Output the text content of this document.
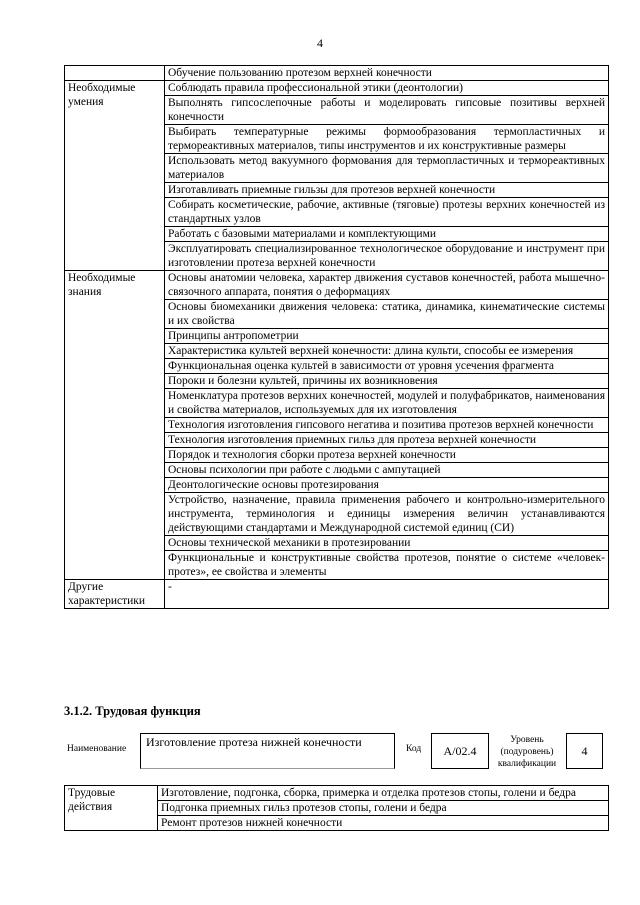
4
	Обучение пользованию протезом верхней конечности
Необходимые умения	Соблюдать правила профессиональной этики (деонтологии)
	Выполнять гипсослепочные работы и моделировать гипсовые позитивы верхней конечности
	Выбирать температурные режимы формообразования термопластичных и термореактивных материалов, типы инструментов и их конструктивные размеры
	Использовать метод вакуумного формования для термопластичных и термореактивных материалов
	Изготавливать приемные гильзы для протезов верхней конечности
	Собирать косметические, рабочие, активные (тяговые) протезы верхних конечностей из стандартных узлов
	Работать с базовыми материалами и комплектующими
	Эксплуатировать специализированное технологическое оборудование и инструмент при изготовлении протеза верхней конечности
Необходимые знания	Основы анатомии человека, характер движения суставов конечностей, работа мышечно-связочного аппарата, понятия о деформациях
	Основы биомеханики движения человека: статика, динамика, кинематические системы и их свойства
	Принципы антропометрии
	Характеристика культей верхней конечности: длина культи, способы ее измерения
	Функциональная оценка культей в зависимости от уровня усечения фрагмента
	Пороки и болезни культей, причины их возникновения
	Номенклатура протезов верхних конечностей, модулей и полуфабрикатов, наименования и свойства материалов, используемых для их изготовления
	Технология изготовления гипсового негатива и позитива протезов верхней конечности
	Технология изготовления приемных гильз для протеза верхней конечности
	Порядок и технология сборки протеза верхней конечности
	Основы психологии при работе с людьми с ампутацией
	Деонтологические основы протезирования
	Устройство, назначение, правила применения рабочего и контрольно-измерительного инструмента, терминология и единицы измерения величин устанавливаются действующими стандартами и Международной системой единиц (СИ)
	Основы технической механики в протезировании
	Функциональные и конструктивные свойства протезов, понятие о системе «человек-протез», ее свойства и элементы
Другие характеристики	-
3.1.2. Трудовая функция
Наименование	Изготовление протеза нижней конечности	Код	A/02.4
Уровень (подуровень) квалификации
4
Трудовые действия	Изготовление, подгонка, сборка, примерка и отделка протезов стопы, голени и бедра
Подгонка приемных гильз протезов стопы, голени и бедра
Ремонт протезов нижней конечности
